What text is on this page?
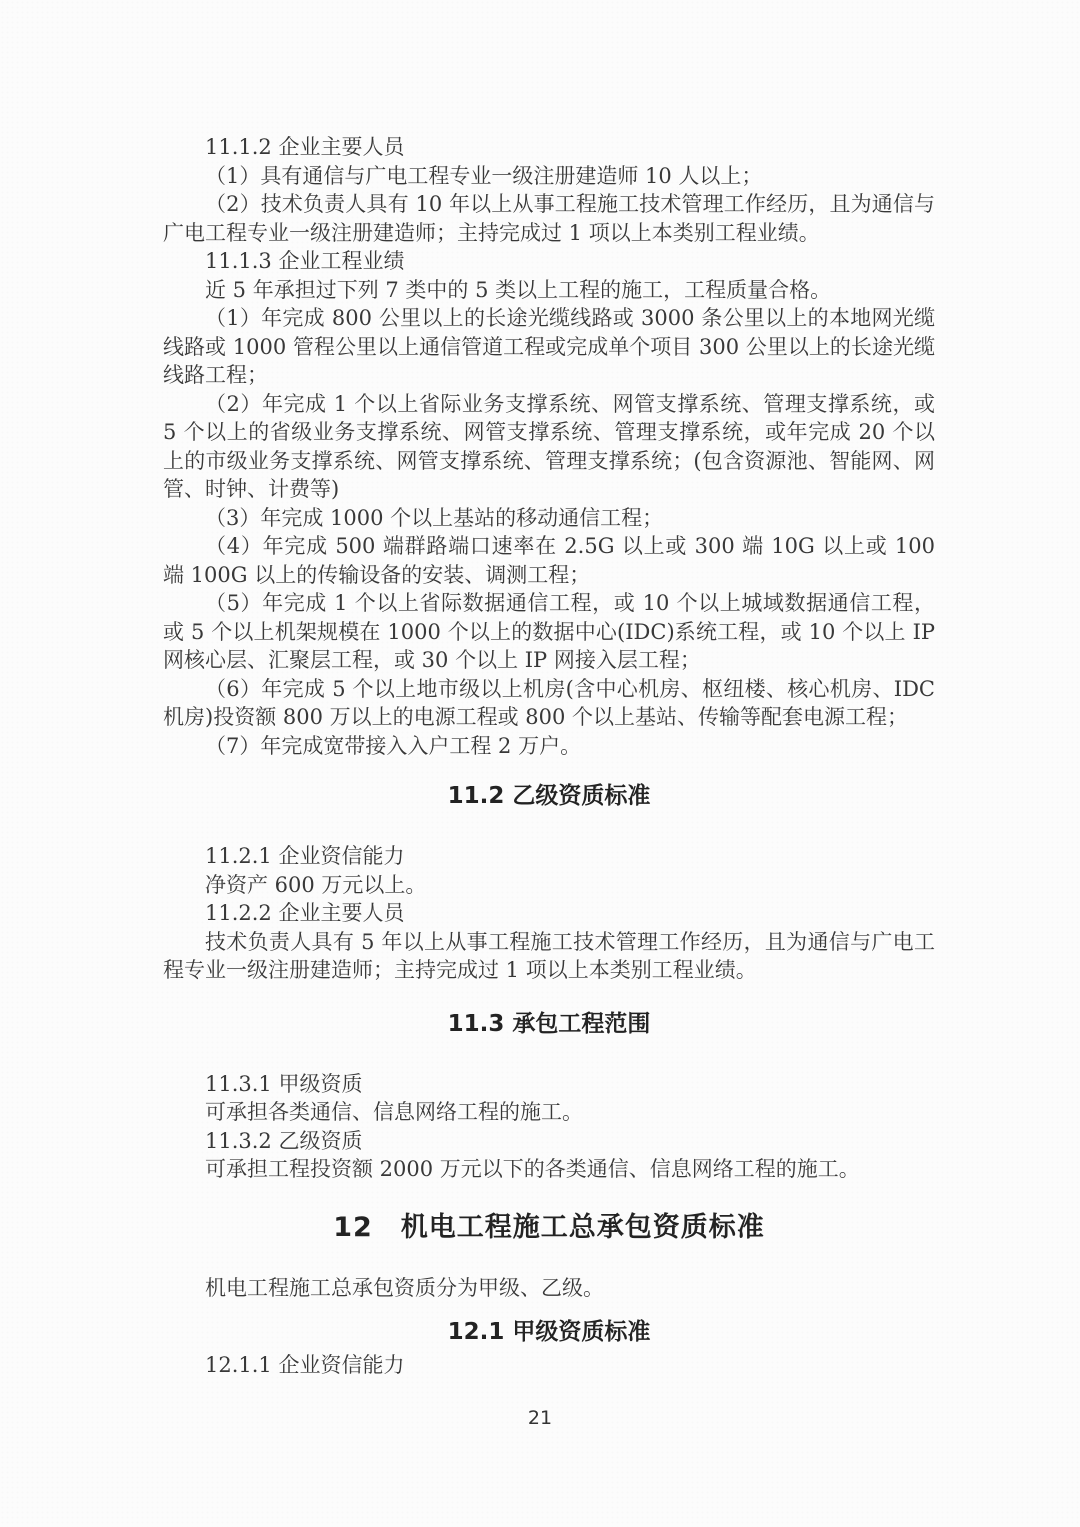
11.1.2 企业主要人员

（1）具有通信与广电工程专业一级注册建造师 10 人以上；

（2）技术负责人具有 10 年以上从事工程施工技术管理工作经历，且为通信与广电工程专业一级注册建造师；主持完成过 1 项以上本类别工程业绩。

11.1.3 企业工程业绩

近 5 年承担过下列 7 类中的 5 类以上工程的施工，工程质量合格。

（1）年完成 800 公里以上的长途光缆线路或 3000 条公里以上的本地网光缆线路或 1000 管程公里以上通信管道工程或完成单个项目 300 公里以上的长途光缆线路工程；

（2）年完成 1 个以上省际业务支撑系统、网管支撑系统、管理支撑系统，或 5 个以上的省级业务支撑系统、网管支撑系统、管理支撑系统，或年完成 20 个以上的市级业务支撑系统、网管支撑系统、管理支撑系统；(包含资源池、智能网、网管、时钟、计费等)

（3）年完成 1000 个以上基站的移动通信工程；

（4）年完成 500 端群路端口速率在 2.5G 以上或 300 端 10G 以上或 100 端 100G 以上的传输设备的安装、调测工程；

（5）年完成 1 个以上省际数据通信工程，或 10 个以上城域数据通信工程，或 5 个以上机架规模在 1000 个以上的数据中心(IDC)系统工程，或 10 个以上 IP 网核心层、汇聚层工程，或 30 个以上 IP 网接入层工程；

（6）年完成 5 个以上地市级以上机房(含中心机房、枢纽楼、核心机房、IDC 机房)投资额 800 万以上的电源工程或 800 个以上基站、传输等配套电源工程；

（7）年完成宽带接入入户工程 2 万户。

11.2 乙级资质标准

11.2.1 企业资信能力

净资产 600 万元以上。

11.2.2 企业主要人员

技术负责人具有 5 年以上从事工程施工技术管理工作经历，且为通信与广电工程专业一级注册建造师；主持完成过 1 项以上本类别工程业绩。

11.3 承包工程范围

11.3.1 甲级资质

可承担各类通信、信息网络工程的施工。

11.3.2 乙级资质

可承担工程投资额 2000 万元以下的各类通信、信息网络工程的施工。

12　机电工程施工总承包资质标准

机电工程施工总承包资质分为甲级、乙级。

12.1 甲级资质标准

12.1.1 企业资信能力

21
